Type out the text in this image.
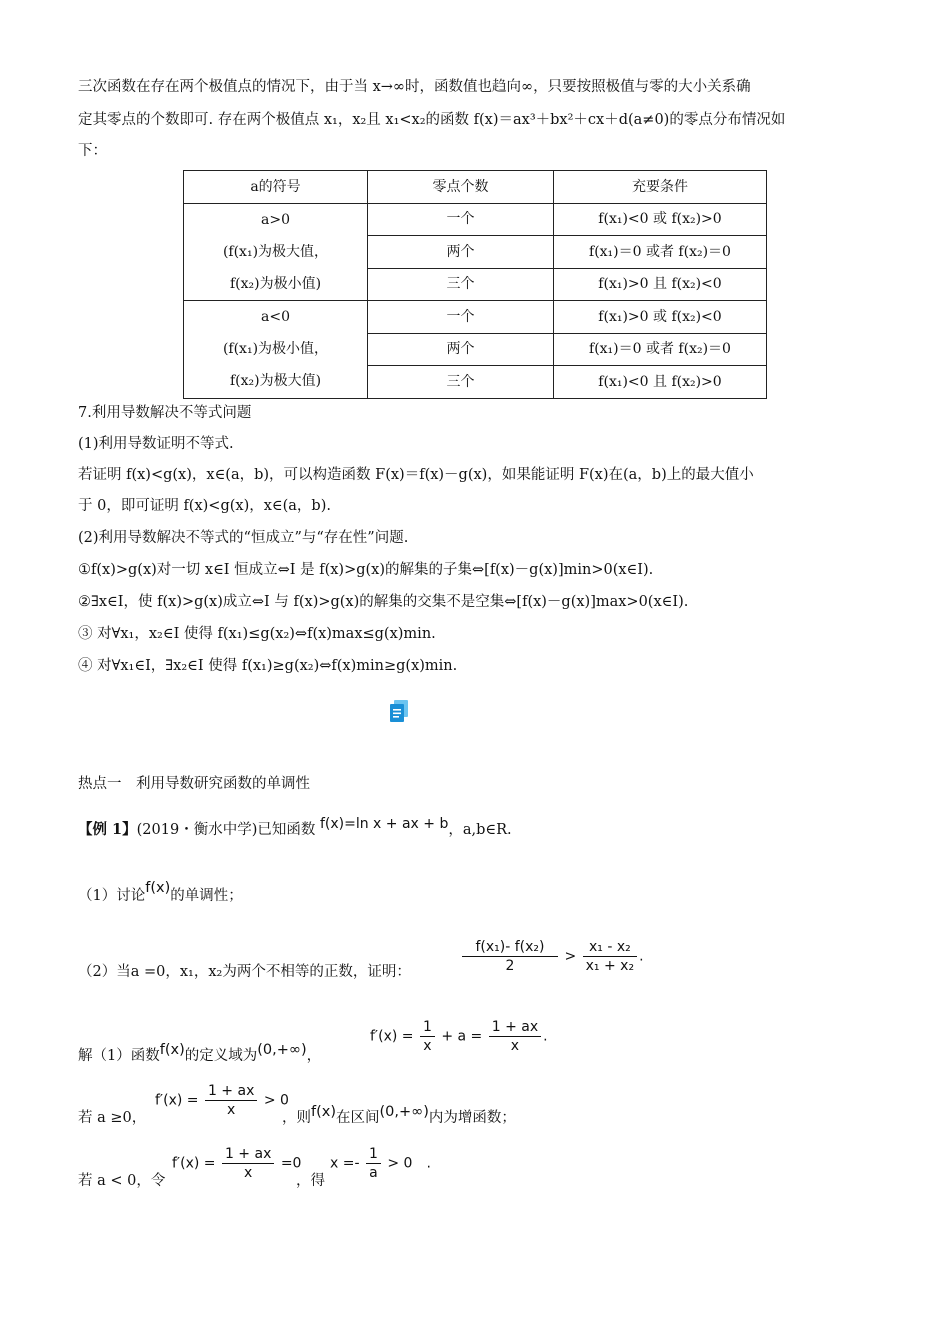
三次函数在存在两个极值点的情况下，由于当 x→∞时，函数值也趋向∞，只要按照极值与零的大小关系确
定其零点的个数即可. 存在两个极值点 x₁，x₂且 x₁<x₂的函数 f(x)＝ax³＋bx²＋cx＋d(a≠0)的零点分布情况如
下：
a的符号	零点个数	充要条件

a>0
(f(x₁)为极大值，
f(x₂)为极小值)	一个	f(x₁)<0 或 f(x₂)>0
	两个	f(x₁)＝0 或者 f(x₂)＝0
	三个	f(x₁)>0 且 f(x₂)<0

a<0
(f(x₁)为极小值，
f(x₂)为极大值)	一个	f(x₁)>0 或 f(x₂)<0
	两个	f(x₁)＝0 或者 f(x₂)＝0
	三个	f(x₁)<0 且 f(x₂)>0
7.利用导数解决不等式问题
(1)利用导数证明不等式.
若证明 f(x)<g(x)，x∈(a，b)，可以构造函数 F(x)＝f(x)－g(x)，如果能证明 F(x)在(a，b)上的最大值小
于 0，即可证明 f(x)<g(x)，x∈(a，b).
(2)利用导数解决不等式的“恒成立”与“存在性”问题.
①f(x)>g(x)对一切 x∈I 恒成立⇔I 是 f(x)>g(x)的解集的子集⇔[f(x)－g(x)]min>0(x∈I).
②∃x∈I，使 f(x)>g(x)成立⇔I 与 f(x)>g(x)的解集的交集不是空集⇔[f(x)－g(x)]max>0(x∈I).
③ 对∀x₁，x₂∈I 使得 f(x₁)≤g(x₂)⇔f(x)max≤g(x)min.
④ 对∀x₁∈I，∃x₂∈I 使得 f(x₁)≥g(x₂)⇔f(x)min≥g(x)min.
热点一　利用导数研究函数的单调性
【例 1】(2019・衡水中学)已知函数 f(x)=ln x + ax + b，a,b∈R.
（1）讨论f(x)的单调性；
（2）当a =0，x₁，x₂为两个不相等的正数，证明：	$\frac{\text{f(x₁)- f(x₂)}}{2} > \frac{\text{x₁ - x₂}}{\text{x₁ + x₂}}$ .
解（1）函数f(x)的定义域为(0,+∞)，
$f'(x) = \frac{1}{x} + a = \frac{1 + ax}{x}$ .
若 a ≥0，
$f'(x) = \frac{1 + ax}{x} > 0$
，则f(x)在区间(0,+∞)内为增函数；
若 a < 0，令
$f'(x) = \frac{1 + ax}{x} =0$
，得
$x =- \frac{1}{a} > 0$　.
